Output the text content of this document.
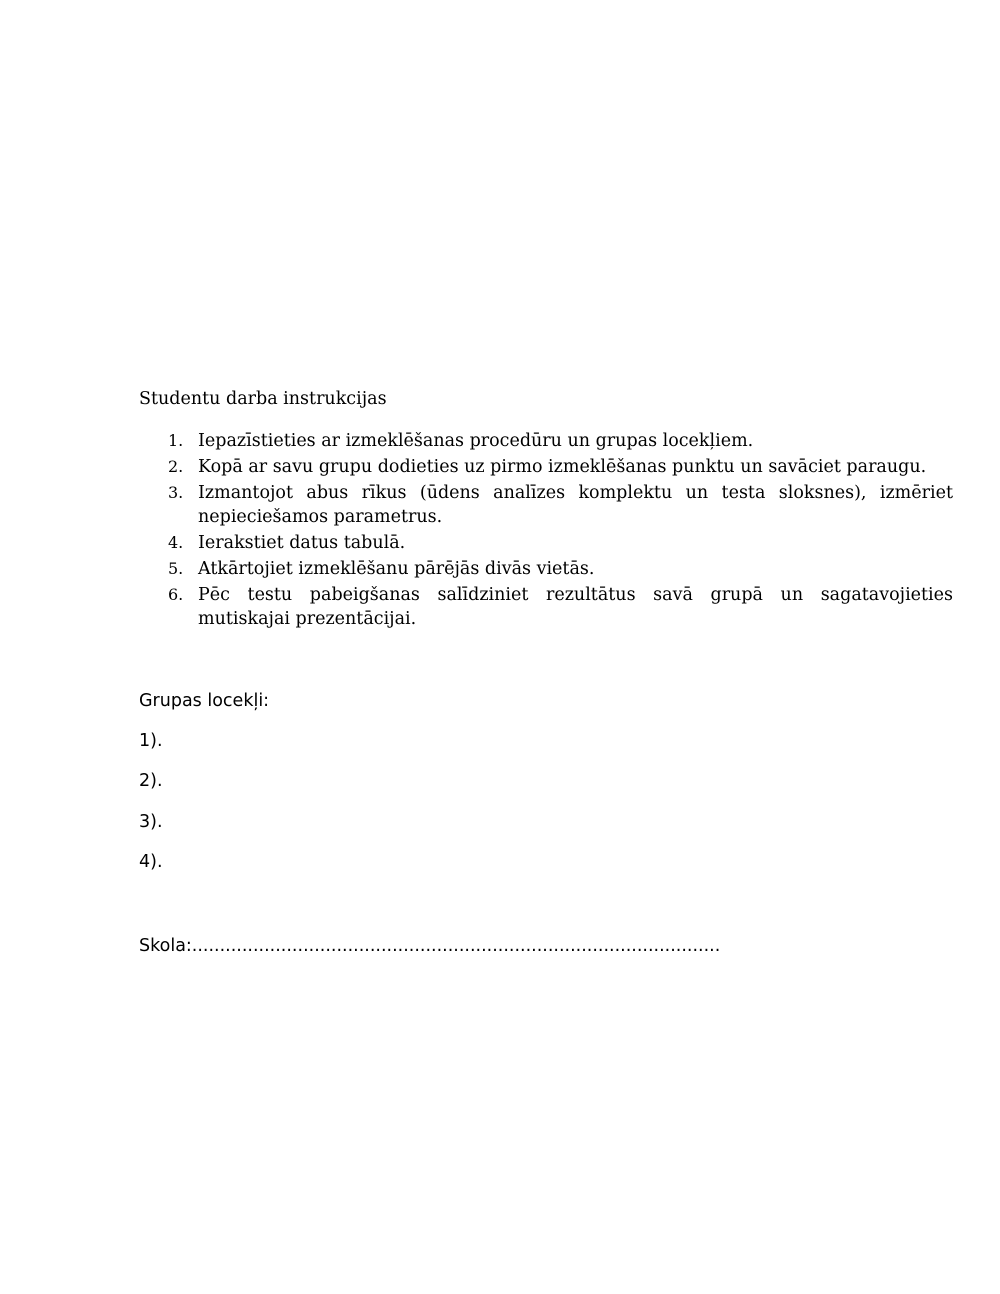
Studentu darba instrukcijas
1. Iepazīstieties ar izmeklēšanas procedūru un grupas locekļiem.
2. Kopā ar savu grupu dodieties uz pirmo izmeklēšanas punktu un savāciet paraugu.
3. Izmantojot abus rīkus (ūdens analīzes komplektu un testa sloksnes), izmēriet nepieciešamos parametrus.
4. Ierakstiet datus tabulā.
5. Atkārtojiet izmeklēšanu pārējās divās vietās.
6. Pēc testu pabeigšanas salīdziniet rezultātus savā grupā un sagatavojieties mutiskajai prezentācijai.
Grupas locekļi:
1).
2).
3).
4).
Skola:...............................................................................................
